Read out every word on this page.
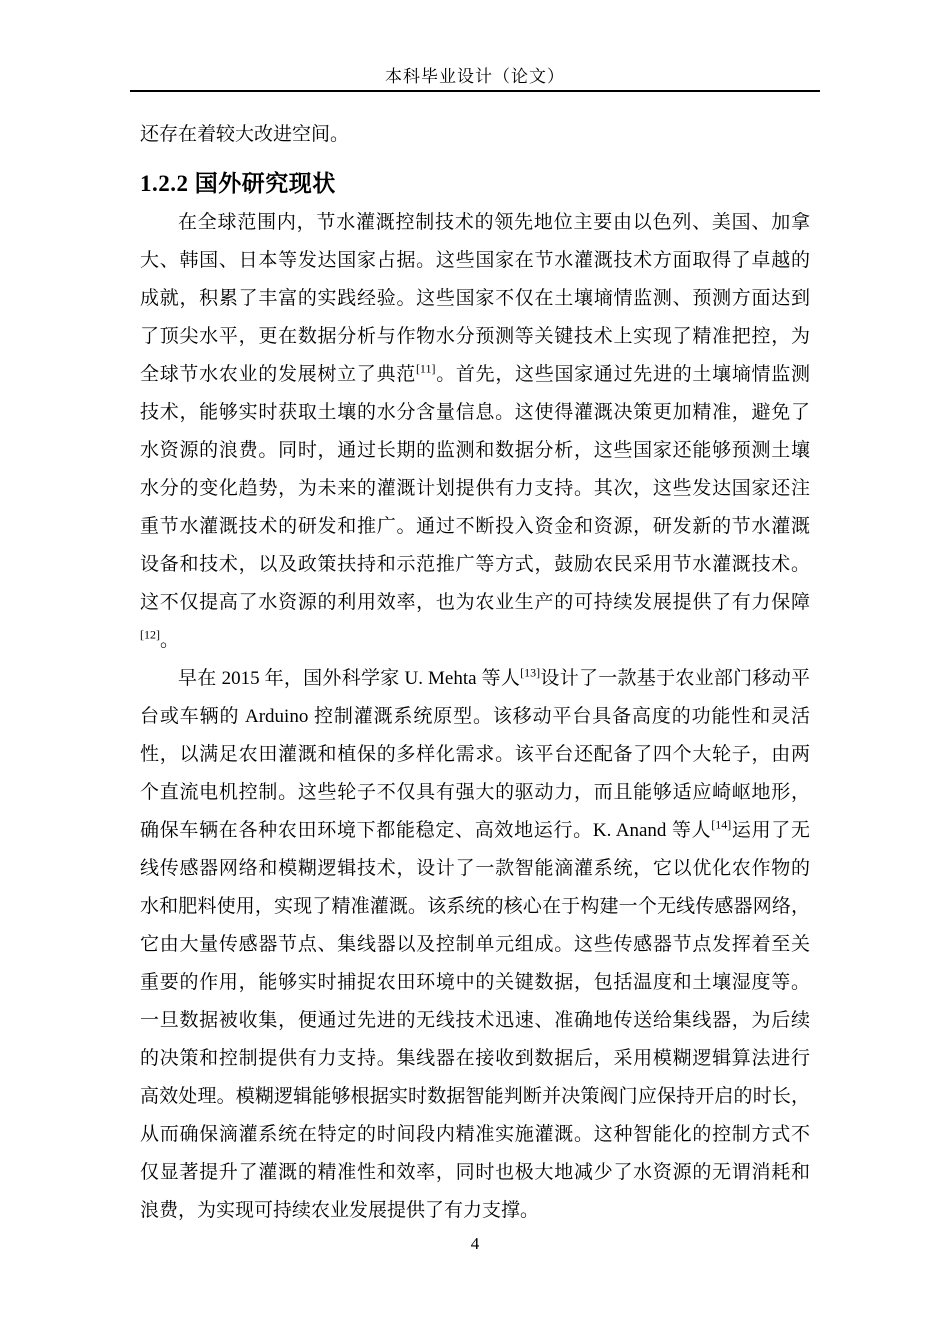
本科毕业设计（论文）
还存在着较大改进空间。
1.2.2 国外研究现状
在全球范围内，节水灌溉控制技术的领先地位主要由以色列、美国、加拿
大、韩国、日本等发达国家占据。这些国家在节水灌溉技术方面取得了卓越的
成就，积累了丰富的实践经验。这些国家不仅在土壤墒情监测、预测方面达到
了顶尖水平，更在数据分析与作物水分预测等关键技术上实现了精准把控，为
全球节水农业的发展树立了典范[11]。首先，这些国家通过先进的土壤墒情监测
技术，能够实时获取土壤的水分含量信息。这使得灌溉决策更加精准，避免了
水资源的浪费。同时，通过长期的监测和数据分析，这些国家还能够预测土壤
水分的变化趋势，为未来的灌溉计划提供有力支持。其次，这些发达国家还注
重节水灌溉技术的研发和推广。通过不断投入资金和资源，研发新的节水灌溉
设备和技术，以及政策扶持和示范推广等方式，鼓励农民采用节水灌溉技术。
这不仅提高了水资源的利用效率，也为农业生产的可持续发展提供了有力保障
[12]。
早在 2015 年，国外科学家 U. Mehta 等人[13]设计了一款基于农业部门移动平
台或车辆的 Arduino 控制灌溉系统原型。该移动平台具备高度的功能性和灵活
性，以满足农田灌溉和植保的多样化需求。该平台还配备了四个大轮子，由两
个直流电机控制。这些轮子不仅具有强大的驱动力，而且能够适应崎岖地形，
确保车辆在各种农田环境下都能稳定、高效地运行。K. Anand 等人[14]运用了无
线传感器网络和模糊逻辑技术，设计了一款智能滴灌系统，它以优化农作物的
水和肥料使用，实现了精准灌溉。该系统的核心在于构建一个无线传感器网络，
它由大量传感器节点、集线器以及控制单元组成。这些传感器节点发挥着至关
重要的作用，能够实时捕捉农田环境中的关键数据，包括温度和土壤湿度等。
一旦数据被收集，便通过先进的无线技术迅速、准确地传送给集线器，为后续
的决策和控制提供有力支持。集线器在接收到数据后，采用模糊逻辑算法进行
高效处理。模糊逻辑能够根据实时数据智能判断并决策阀门应保持开启的时长，
从而确保滴灌系统在特定的时间段内精准实施灌溉。这种智能化的控制方式不
仅显著提升了灌溉的精准性和效率，同时也极大地减少了水资源的无谓消耗和
浪费，为实现可持续农业发展提供了有力支撑。
4
